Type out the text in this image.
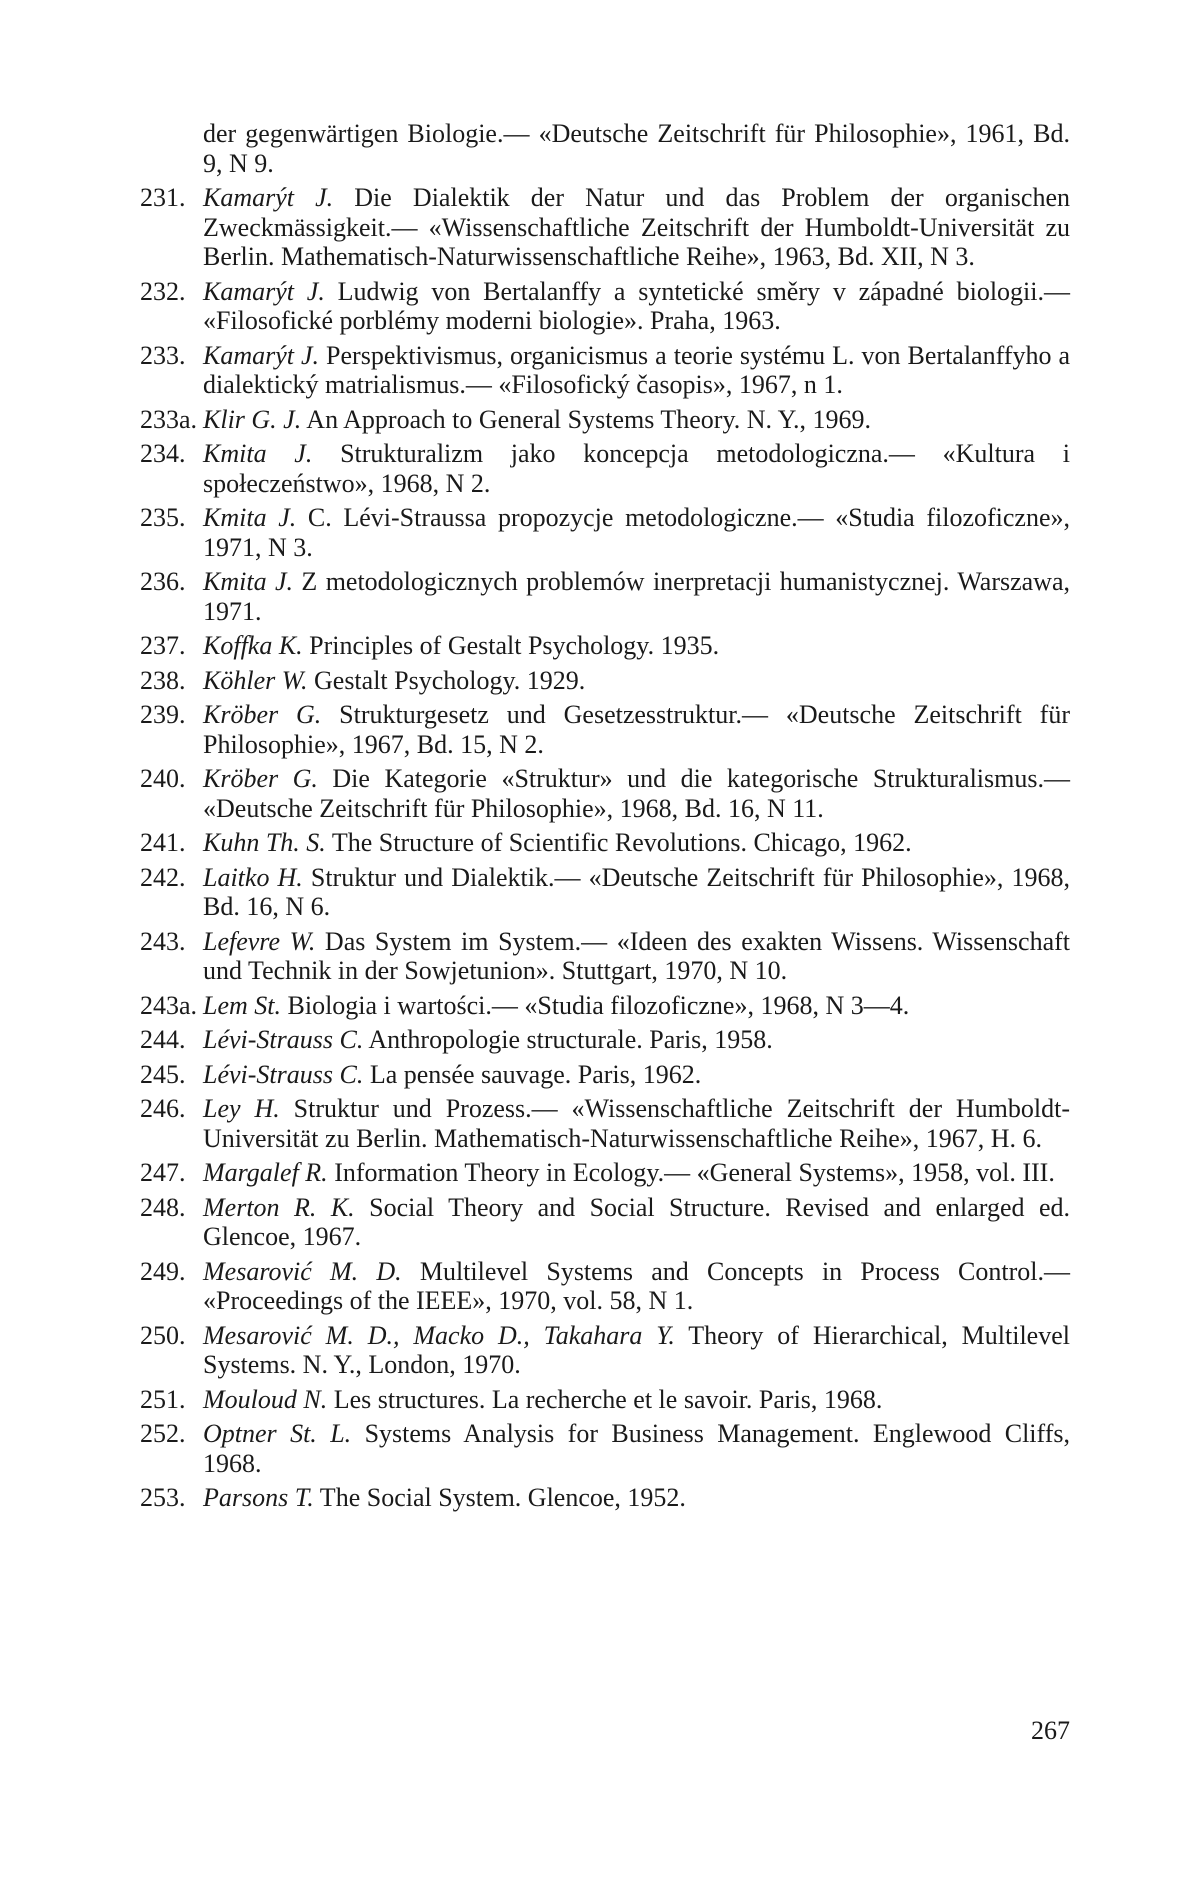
der gegenwärtigen Biologie.— «Deutsche Zeitschrift für Philosophie», 1961, Bd. 9, N 9.
231. Kamarýt J. Die Dialektik der Natur und das Problem der organischen Zweckmässigkeit.— «Wissenschaftliche Zeitschrift der Humboldt-Universität zu Berlin. Mathematisch-Naturwissenschaftliche Reihe», 1963, Bd. XII, N 3.
232. Kamarýt J. Ludwig von Bertalanffy a syntetické směry v západné biologii.— «Filosofické porblémy moderni biologie». Praha, 1963.
233. Kamarýt J. Perspektivismus, organicismus a teorie systému L. von Bertalanffyho a dialektický matrialismus.— «Filosofický časopis», 1967, n 1.
233a. Klir G. J. An Approach to General Systems Theory. N. Y., 1969.
234. Kmita J. Strukturalizm jako koncepcja metodologiczna.— «Kultura i społeczeństwo», 1968, N 2.
235. Kmita J. C. Lévi-Straussa propozycje metodologiczne.— «Studia filozoficzne», 1971, N 3.
236. Kmita J. Z metodologicznych problemów inerpretacji humanistycznej. Warszawa, 1971.
237. Koffka K. Principles of Gestalt Psychology. 1935.
238. Köhler W. Gestalt Psychology. 1929.
239. Kröber G. Strukturgesetz und Gesetzesstruktur.— «Deutsche Zeitschrift für Philosophie», 1967, Bd. 15, N 2.
240. Kröber G. Die Kategorie «Struktur» und die kategorische Strukturalismus.— «Deutsche Zeitschrift für Philosophie», 1968, Bd. 16, N 11.
241. Kuhn Th. S. The Structure of Scientific Revolutions. Chicago, 1962.
242. Laitko H. Struktur und Dialektik.— «Deutsche Zeitschrift für Philosophie», 1968, Bd. 16, N 6.
243. Lefevre W. Das System im System.— «Ideen des exakten Wissens. Wissenschaft und Technik in der Sowjetunion». Stuttgart, 1970, N 10.
243a. Lem St. Biologia i wartości.— «Studia filozoficzne», 1968, N 3—4.
244. Lévi-Strauss C. Anthropologie structurale. Paris, 1958.
245. Lévi-Strauss C. La pensée sauvage. Paris, 1962.
246. Ley H. Struktur und Prozess.— «Wissenschaftliche Zeitschrift der Humboldt-Universität zu Berlin. Mathematisch-Naturwissenschaftliche Reihe», 1967, H. 6.
247. Margalef R. Information Theory in Ecology.— «General Systems», 1958, vol. III.
248. Merton R. K. Social Theory and Social Structure. Revised and enlarged ed. Glencoe, 1967.
249. Mesarović M. D. Multilevel Systems and Concepts in Process Control.— «Proceedings of the IEEE», 1970, vol. 58, N 1.
250. Mesarović M. D., Macko D., Takahara Y. Theory of Hierarchical, Multilevel Systems. N. Y., London, 1970.
251. Mouloud N. Les structures. La recherche et le savoir. Paris, 1968.
252. Optner St. L. Systems Analysis for Business Management. Englewood Cliffs, 1968.
253. Parsons T. The Social System. Glencoe, 1952.
267
